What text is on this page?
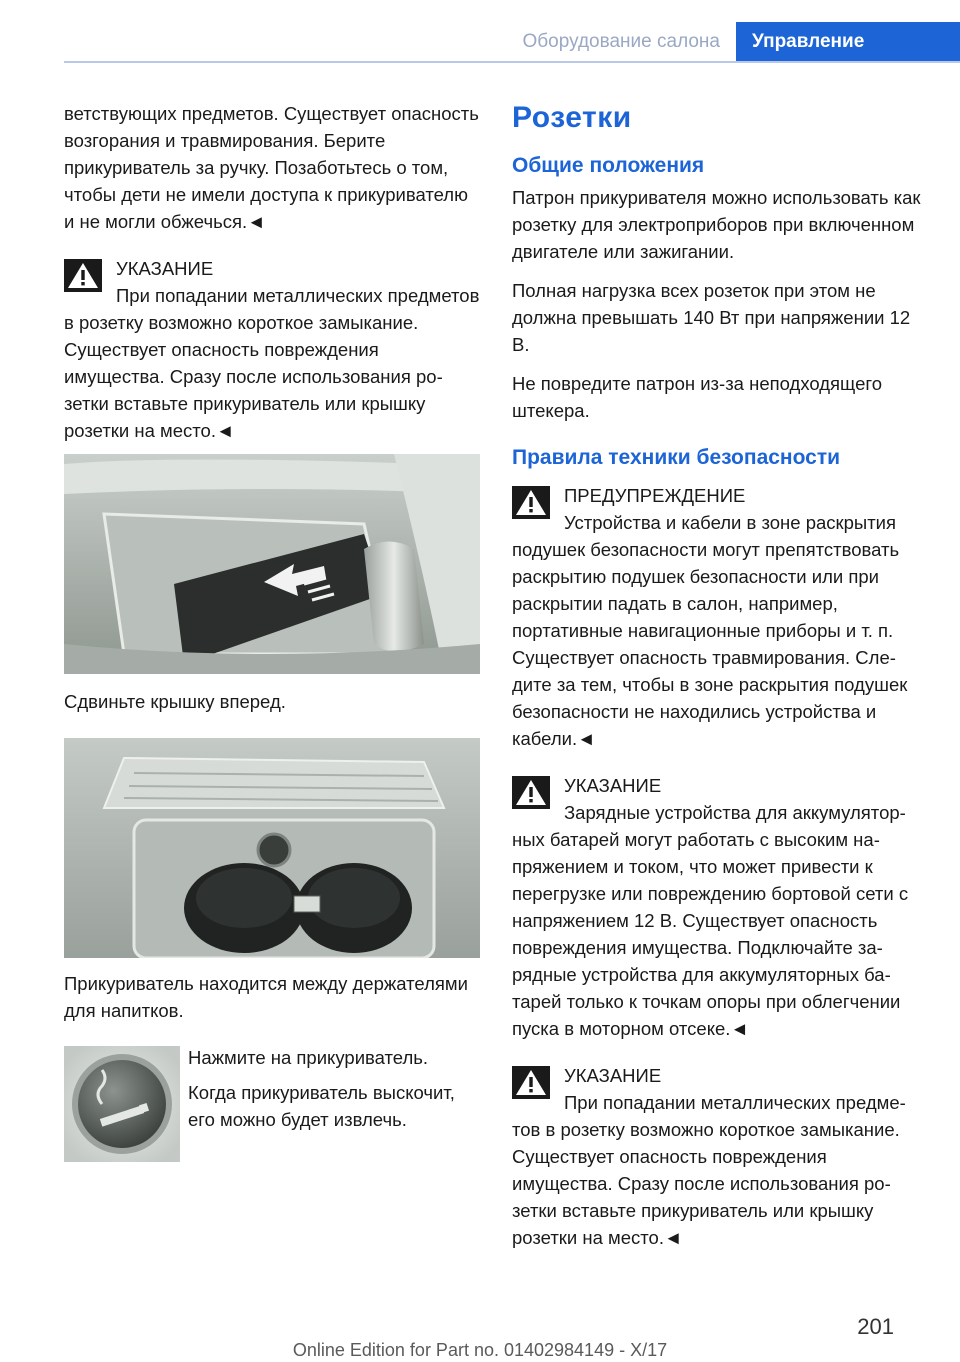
Оборудование салона	Управление

ветствующих предметов. Существует опасность возгорания и травмирования. Берите прикуриватель за ручку. Позаботьтесь о том, чтобы дети не имели доступа к прикуривателю и не могли обжечься.◄

УКАЗАНИЕ
При попадании металлических предметов в розетку возможно короткое замыкание. Существует опасность повреждения имущества. Сразу после использования розетки вставьте прикуриватель или крышку розетки на место.◄
Сдвиньте крышку вперед.
Прикуриватель находится между держателями для напитков.

Нажмите на прикуриватель.

Когда прикуриватель выскочит, его можно будет извлечь.

Розетки
Общие положения

Патрон прикуривателя можно использовать как розетку для электроприборов при включенном двигателе или зажигании.

Полная нагрузка всех розеток при этом не должна превышать 140 Вт при напряжении 12 В.

Не повредите патрон из-за неподходящего штекера.

Правила техники безопасности
ПРЕДУПРЕЖДЕНИЕ
Устройства и кабели в зоне раскрытия подушек безопасности могут препятствовать раскрытию подушек безопасности или при раскрытии падать в салон, например, портативные навигационные приборы и т. п. Существует опасность травмирования. Следите за тем, чтобы в зоне раскрытия подушек безопасности не находились устройства и кабели.◄
УКАЗАНИЕ
Зарядные устройства для аккумуляторных батарей могут работать с высоким напряжением и током, что может привести к перегрузке или повреждению бортовой сети с напряжением 12 В. Существует опасность повреждения имущества. Подключайте зарядные устройства для аккумуляторных батарей только к точкам опоры при облегчении пуска в моторном отсеке.◄
УКАЗАНИЕ
При попадании металлических предметов в розетку возможно короткое замыкание. Существует опасность повреждения имущества. Сразу после использования розетки вставьте прикуриватель или крышку розетки на место.◄
201
Online Edition for Part no. 01402984149 - X/17
